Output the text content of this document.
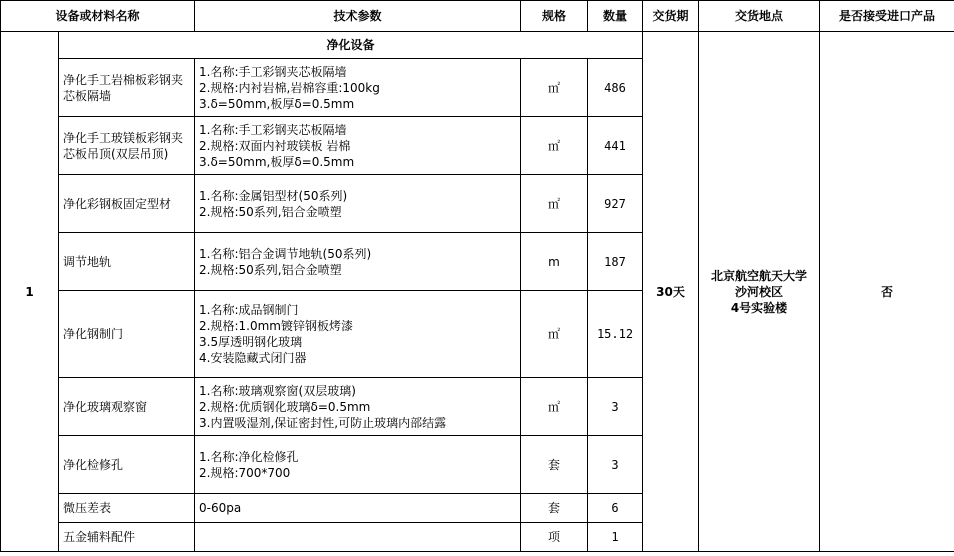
设备或材料名称		技术参数	规格	数量	交货期	交货地点	是否接受进口产品
1	净化设备				30天	北京航空航天大学
沙河校区
4号实验楼	否
	净化手工岩棉板彩钢夹芯板隔墙	1.名称:手工彩钢夹芯板隔墙
2.规格:内衬岩棉,岩棉容重:100kg
3.δ=50mm,板厚δ=0.5mm	㎡	486			
	净化手工玻镁板彩钢夹芯板吊顶(双层吊顶)	1.名称:手工彩钢夹芯板隔墙
2.规格:双面内衬玻镁板 岩棉
3.δ=50mm,板厚δ=0.5mm	㎡	441			
	净化彩钢板固定型材	1.名称:金属铝型材(50系列)
2.规格:50系列,铝合金喷塑	㎡	927			
	调节地轨	1.名称:铝合金调节地轨(50系列)
2.规格:50系列,铝合金喷塑	m	187			
	净化钢制门	1.名称:成品钢制门
2.规格:1.0mm镀锌钢板烤漆
3.5厚透明钢化玻璃
4.安装隐藏式闭门器	㎡	15.12			
	净化玻璃观察窗	1.名称:玻璃观察窗(双层玻璃)
2.规格:优质钢化玻璃δ=0.5mm
3.内置吸湿剂,保证密封性,可防止玻璃内部结露	㎡	3			
	净化检修孔	1.名称:净化检修孔
2.规格:700*700	套	3			
	微压差表	0-60pa	套	6			
	五金辅料配件		项	1			
